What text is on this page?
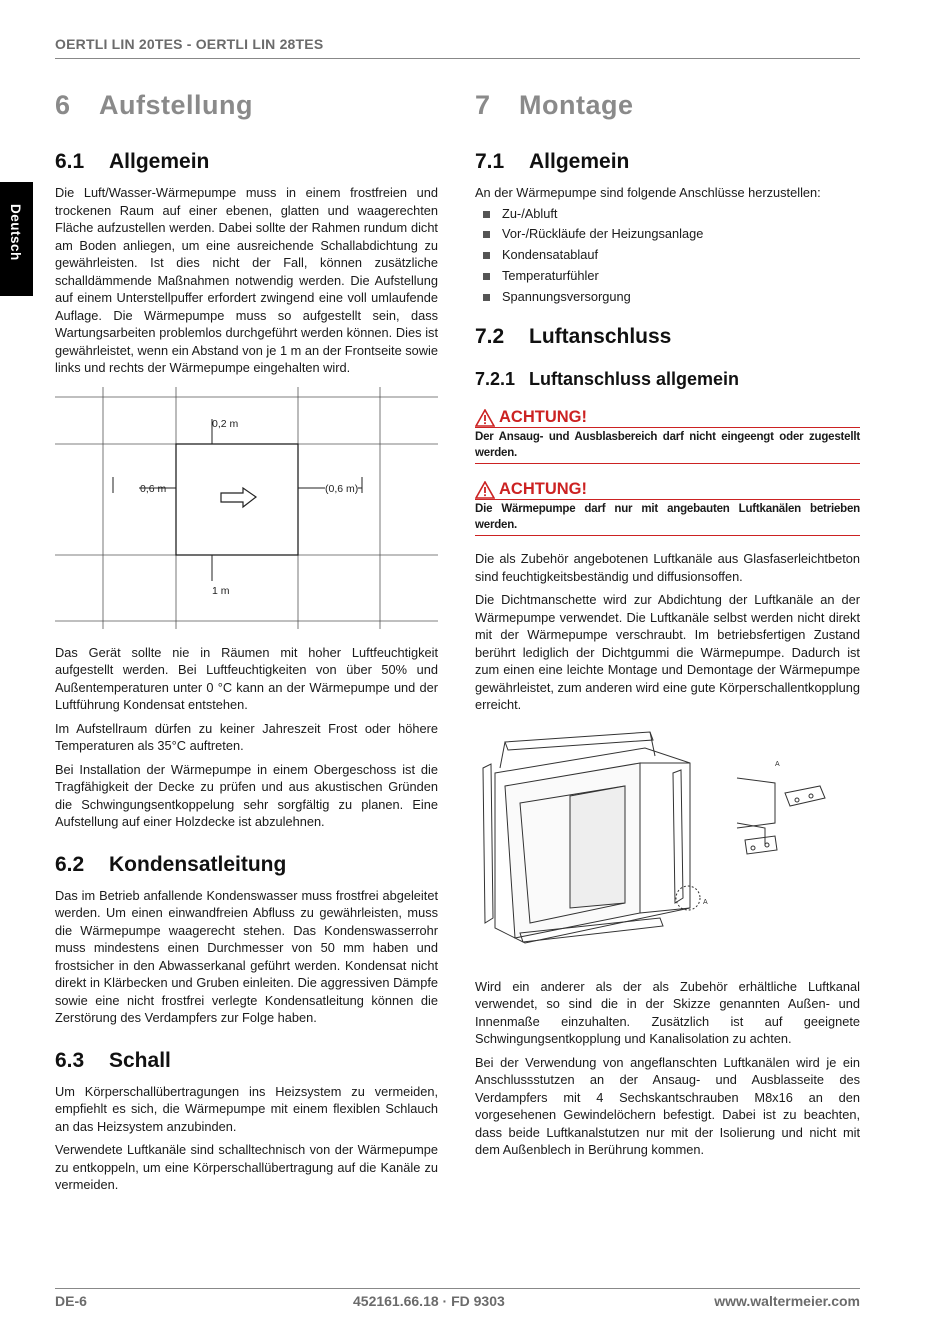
OERTLI LIN 20TES - OERTLI LIN 28TES
Deutsch
6 Aufstellung
6.1 Allgemein

Die Luft/Wasser-Wärmepumpe muss in einem frostfreien und trockenen Raum auf einer ebenen, glatten und waagerechten Fläche aufzustellen werden. Dabei sollte der Rahmen rundum dicht am Boden anliegen, um eine ausreichende Schallabdichtung zu gewährleisten. Ist dies nicht der Fall, können zusätzliche schalldämmende Maßnahmen notwendig werden. Die Aufstellung auf einem Unterstellpuffer erfordert zwingend eine voll umlaufende Auflage. Die Wärmepumpe muss so aufgestellt sein, dass Wartungsarbeiten problemlos durchgeführt werden können. Dies ist gewährleistet, wenn ein Abstand von je 1 m an der Frontseite sowie links und rechts der Wärmepumpe eingehalten wird.

0,2 m
0,6 m	(0,6 m)
1 m

Das Gerät sollte nie in Räumen mit hoher Luftfeuchtigkeit aufgestellt werden. Bei Luftfeuchtigkeiten von über 50% und Außentemperaturen unter 0 °C kann an der Wärmepumpe und der Luftführung Kondensat entstehen.

Im Aufstellraum dürfen zu keiner Jahreszeit Frost oder höhere Temperaturen als 35°C auftreten.

Bei Installation der Wärmepumpe in einem Obergeschoss ist die Tragfähigkeit der Decke zu prüfen und aus akustischen Gründen die Schwingungsentkoppelung sehr sorgfältig zu planen. Eine Aufstellung auf einer Holzdecke ist abzulehnen.

6.2 Kondensatleitung

Das im Betrieb anfallende Kondenswasser muss frostfrei abgeleitet werden. Um einen einwandfreien Abfluss zu gewährleisten, muss die Wärmepumpe waagerecht stehen. Das Kondenswasserrohr muss mindestens einen Durchmesser von 50 mm haben und frostsicher in den Abwasserkanal geführt werden. Kondensat nicht direkt in Klärbecken und Gruben einleiten. Die aggressiven Dämpfe sowie eine nicht frostfrei verlegte Kondensatleitung können die Zerstörung des Verdampfers zur Folge haben.

6.3 Schall

Um Körperschallübertragungen ins Heizsystem zu vermeiden, empfiehlt es sich, die Wärmepumpe mit einem flexiblen Schlauch an das Heizsystem anzubinden.

Verwendete Luftkanäle sind schalltechnisch von der Wärmepumpe zu entkoppeln, um eine Körperschallübertragung auf die Kanäle zu vermeiden.

7 Montage
7.1 Allgemein

An der Wärmepumpe sind folgende Anschlüsse herzustellen:

Zu-/Abluft
Vor-/Rückläufe der Heizungsanlage
Kondensatablauf
Temperaturfühler
Spannungsversorgung
7.2 Luftanschluss
7.2.1 Luftanschluss allgemein
ACHTUNG!
Der Ansaug- und Ausblasbereich darf nicht eingeengt oder zugestellt werden.
ACHTUNG!
Die Wärmepumpe darf nur mit angebauten Luftkanälen betrieben werden.

Die als Zubehör angebotenen Luftkanäle aus Glasfaserleichtbeton sind feuchtigkeitsbeständig und diffusionsoffen.

Die Dichtmanschette wird zur Abdichtung der Luftkanäle an der Wärmepumpe verwendet. Die Luftkanäle selbst werden nicht direkt mit der Wärmepumpe verschraubt. Im betriebsfertigen Zustand berührt lediglich der Dichtgummi die Wärmepumpe. Dadurch ist zum einen eine leichte Montage und Demontage der Wärmepumpe gewährleistet, zum anderen wird eine gute Körperschallentkopplung erreicht.

A
A

Wird ein anderer als der als Zubehör erhältliche Luftkanal verwendet, so sind die in der Skizze genannten Außen- und Innenmaße einzuhalten. Zusätzlich ist auf geeignete Schwingungsentkopplung und Kanalisolation zu achten.

Bei der Verwendung von angeflanschten Luftkanälen wird je ein Anschlussstutzen an der Ansaug- und Ausblasseite des Verdampfers mit 4 Sechskantschrauben M8x16 an den vorgesehenen Gewindelöchern befestigt. Dabei ist zu beachten, dass beide Luftkanalstutzen nur mit der Isolierung und nicht mit dem Außenblech in Berührung kommen.

DE-6	452161.66.18 · FD 9303	www.waltermeier.com
